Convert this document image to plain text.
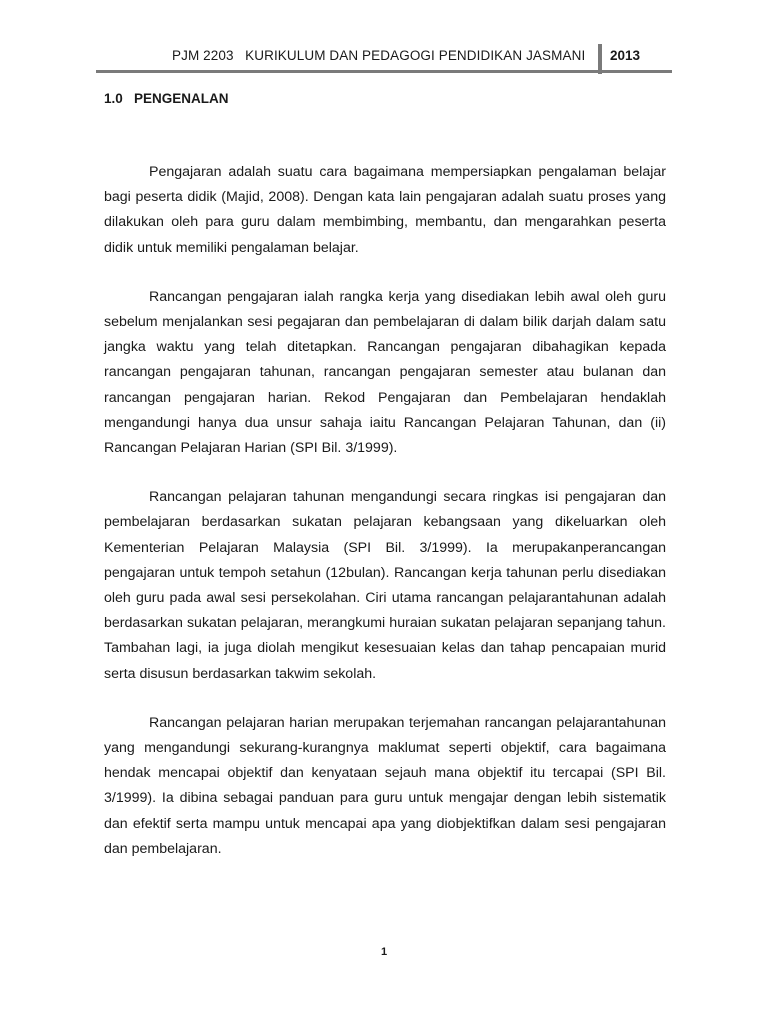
PJM 2203   KURIKULUM DAN PEDAGOGI PENDIDIKAN JASMANI 2013
1.0   PENGENALAN

Pengajaran adalah suatu cara bagaimana mempersiapkan pengalaman belajar bagi peserta didik (Majid, 2008). Dengan kata lain pengajaran adalah suatu proses yang dilakukan oleh para guru dalam membimbing, membantu, dan mengarahkan peserta didik untuk memiliki pengalaman belajar.

Rancangan pengajaran ialah rangka kerja yang disediakan lebih awal oleh guru sebelum menjalankan sesi pegajaran dan pembelajaran di dalam bilik darjah dalam satu jangka waktu yang telah ditetapkan. Rancangan pengajaran dibahagikan kepada rancangan pengajaran tahunan, rancangan pengajaran semester atau bulanan dan rancangan pengajaran harian. Rekod Pengajaran dan Pembelajaran hendaklah mengandungi hanya dua unsur sahaja iaitu Rancangan Pelajaran Tahunan, dan (ii) Rancangan Pelajaran Harian (SPI Bil. 3/1999).

Rancangan pelajaran tahunan mengandungi secara ringkas isi pengajaran dan pembelajaran berdasarkan sukatan pelajaran kebangsaan yang dikeluarkan oleh Kementerian Pelajaran Malaysia (SPI Bil. 3/1999). Ia merupakanperancangan pengajaran untuk tempoh setahun (12bulan). Rancangan kerja tahunan perlu disediakan oleh guru pada awal sesi persekolahan. Ciri utama rancangan pelajarantahunan adalah berdasarkan sukatan pelajaran, merangkumi huraian sukatan pelajaran sepanjang tahun. Tambahan lagi, ia juga diolah mengikut kesesuaian kelas dan tahap pencapaian murid serta disusun berdasarkan takwim sekolah.

Rancangan pelajaran harian merupakan terjemahan rancangan pelajarantahunan yang mengandungi sekurang-kurangnya maklumat seperti objektif, cara bagaimana hendak mencapai objektif dan kenyataan sejauh mana objektif itu tercapai (SPI Bil. 3/1999). Ia dibina sebagai panduan para guru untuk mengajar dengan lebih sistematik dan efektif serta mampu untuk mencapai apa yang diobjektifkan dalam sesi pengajaran dan pembelajaran.

1
